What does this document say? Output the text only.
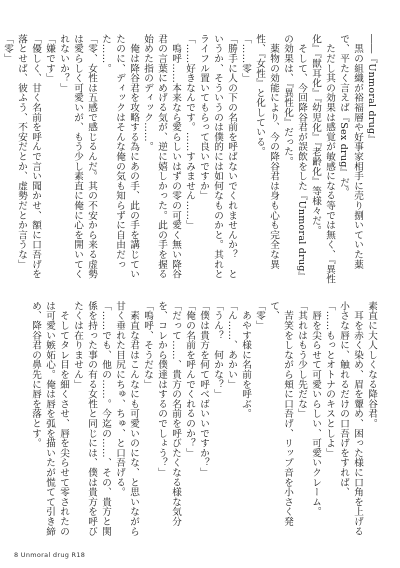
――『Unmoral drug』

　黒の組織が裕福層や好事家相手に売り捌いていた薬で、平たく言えば『Sex drug』だ。

　ただし其の効果は感覚が敏感になる等では無く、『異性化』『獣耳化』『幼児化』『老齢化』等様々だ。

　そして、今回降谷君が誤飲をした『Unmoral drug』の効果は、『異性化』だった。

　薬物の効能により、今の降谷君は身も心も完全な異性、『女性』と化している。

「……零」

「勝手に人の下の名前を呼ばないでくれませんか？　というか、そういうのは僕的には如何なものかと。其れとライフル置いてもらって良いですか」

「……好きなんです。……すみません……」

　嗚呼……本来なら愛らしいはずの零の可愛く無い降谷君の言葉にめげる気が、逆に嬉しかった。此の手を握る始めた指のディック……。

　俺は降谷君を攻略する為にあの手、此の手を講じていたのに、ディックはそんな俺の気も知らずに自由だった……。

「零、女性は五感で感じるんだ。其の不安から来る虚勢は愛らしく可愛いが、もう少し素直に俺に心を開いてくれないか？」

「嫌です」

「優しく、甘く名前を呼んで言い聞かせ、額に口吾げを落とせば、彼ふう、不安だとか、虚勢だとか言うな」

「零」

素直に大人しくなる降谷君。

　耳を赤く染め、眉を顰め、困った様に口角を上げる小さな唇に、触れるだけの口吾げをすれば、

「……もっとオトナのキスとしよ」

　唇を尖らせて可愛いらしい、可愛いクレーム。

「其れはもう少し先だな」

　苦笑をしながら頬に口吾げ、リップ音を小さく発て、

「零」

　あやす様に名前を呼ぶ。

「ん……、あかい」

「うん？　何かな？」

「僕は貴方を何て呼べばいいですか？」

「俺の名前を呼んでくれるのか？」

「だって……、貴方の名前を呼びたくなる様な気分を、コレから僕達はするのでしょう？」

「嗚呼、そうだな」

　素直な君はこんなにも可愛いのにな、と思いながら甘く垂れた目尻にちゅ、ちゅ、と口吾げる。

「……でも、他の……。今迄の……、その、貴方と関係を持った事の有る女性と同じには、僕は貴方を呼びたくは在りません」

　そしてタレ目を細くさせ、唇を尖らせて零されたのは可愛い嫉妬心。俺は唇を弧を描いたが慌てて引き締め、降谷君の鼻先に唇を落とす。

8 Unmoral drug R18
